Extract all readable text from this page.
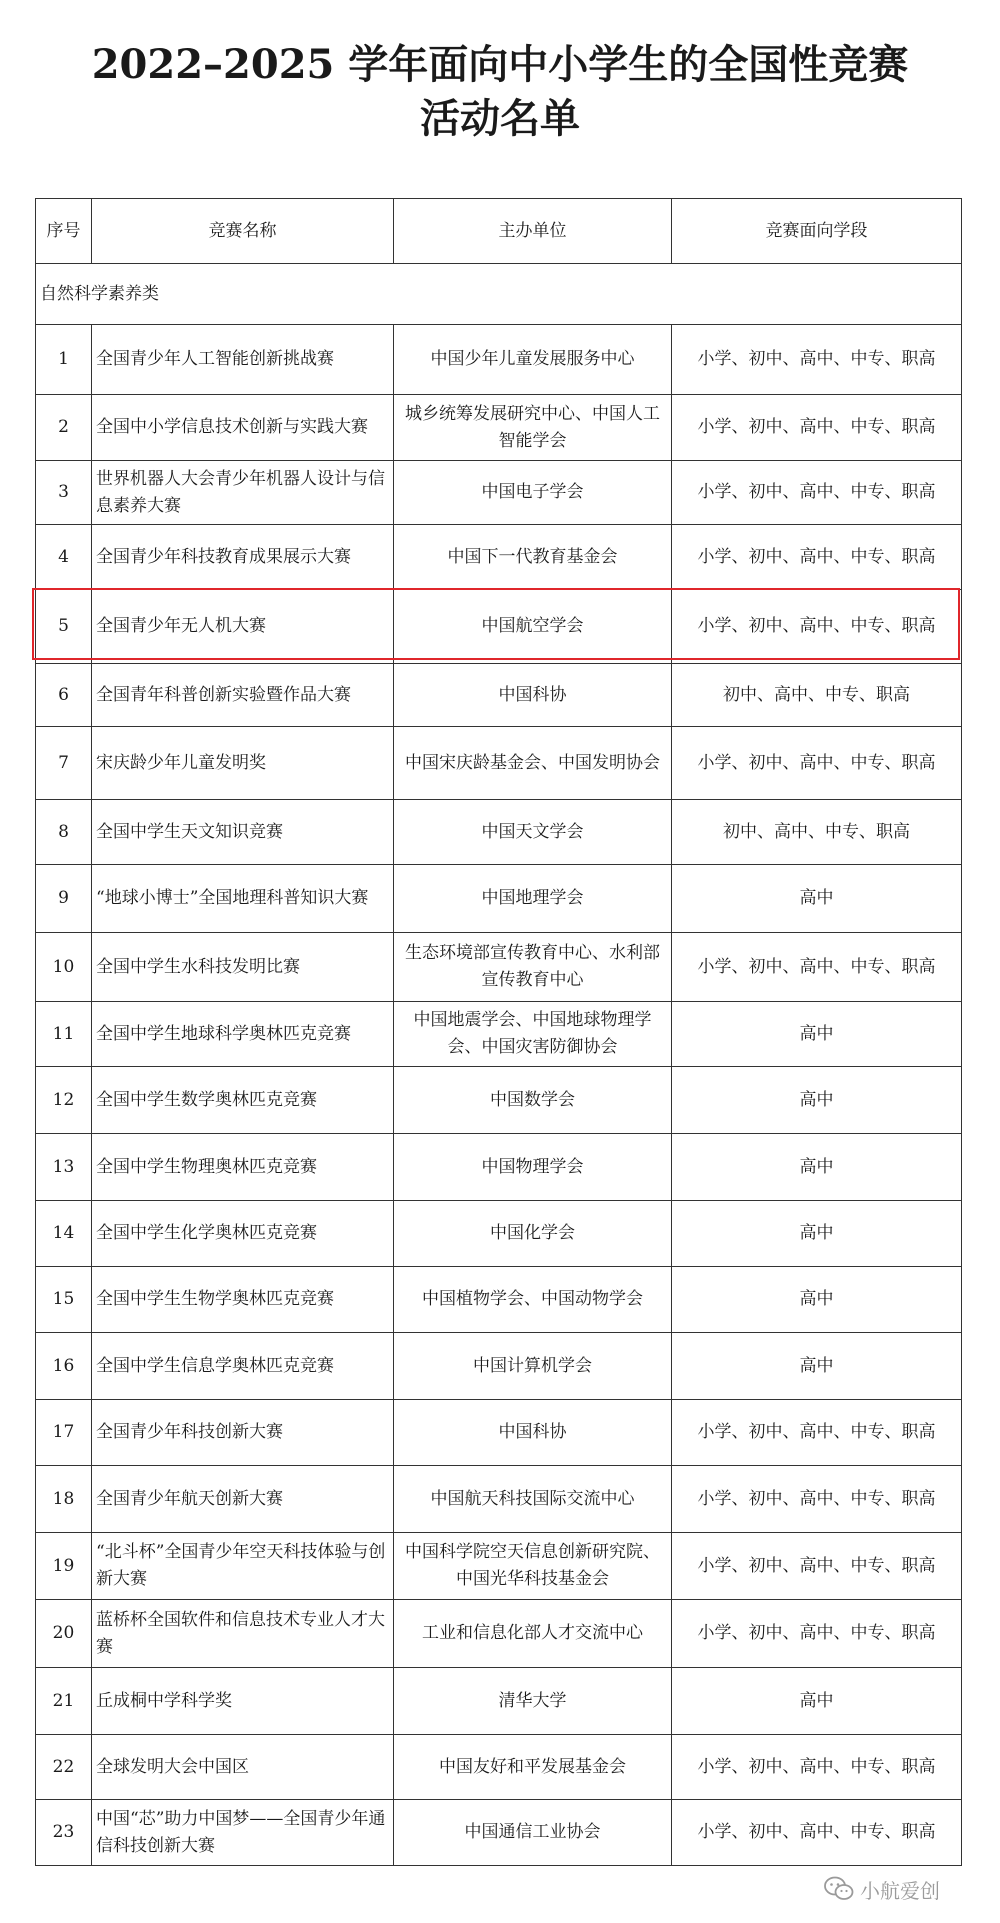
2022–2025 学年面向中小学生的全国性竞赛
活动名单
序号	竞赛名称	主办单位	竞赛面向学段
自然科学素养类			
1	全国青少年人工智能创新挑战赛	中国少年儿童发展服务中心	小学、初中、高中、中专、职高
2	全国中小学信息技术创新与实践大赛	城乡统筹发展研究中心、中国人工智能学会	小学、初中、高中、中专、职高
3	世界机器人大会青少年机器人设计与信息素养大赛	中国电子学会	小学、初中、高中、中专、职高
4	全国青少年科技教育成果展示大赛	中国下一代教育基金会	小学、初中、高中、中专、职高
5	全国青少年无人机大赛	中国航空学会	小学、初中、高中、中专、职高
6	全国青年科普创新实验暨作品大赛	中国科协	初中、高中、中专、职高
7	宋庆龄少年儿童发明奖	中国宋庆龄基金会、中国发明协会	小学、初中、高中、中专、职高
8	全国中学生天文知识竞赛	中国天文学会	初中、高中、中专、职高
9	“地球小博士”全国地理科普知识大赛	中国地理学会	高中
10	全国中学生水科技发明比赛	生态环境部宣传教育中心、水利部宣传教育中心	小学、初中、高中、中专、职高
11	全国中学生地球科学奥林匹克竞赛	中国地震学会、中国地球物理学会、中国灾害防御协会	高中
12	全国中学生数学奥林匹克竞赛	中国数学会	高中
13	全国中学生物理奥林匹克竞赛	中国物理学会	高中
14	全国中学生化学奥林匹克竞赛	中国化学会	高中
15	全国中学生生物学奥林匹克竞赛	中国植物学会、中国动物学会	高中
16	全国中学生信息学奥林匹克竞赛	中国计算机学会	高中
17	全国青少年科技创新大赛	中国科协	小学、初中、高中、中专、职高
18	全国青少年航天创新大赛	中国航天科技国际交流中心	小学、初中、高中、中专、职高
19	“北斗杯”全国青少年空天科技体验与创新大赛	中国科学院空天信息创新研究院、中国光华科技基金会	小学、初中、高中、中专、职高
20	蓝桥杯全国软件和信息技术专业人才大赛	工业和信息化部人才交流中心	小学、初中、高中、中专、职高
21	丘成桐中学科学奖	清华大学	高中
22	全球发明大会中国区	中国友好和平发展基金会	小学、初中、高中、中专、职高
23	中国“芯”助力中国梦——全国青少年通信科技创新大赛	中国通信工业协会	小学、初中、高中、中专、职高
小航爱创
